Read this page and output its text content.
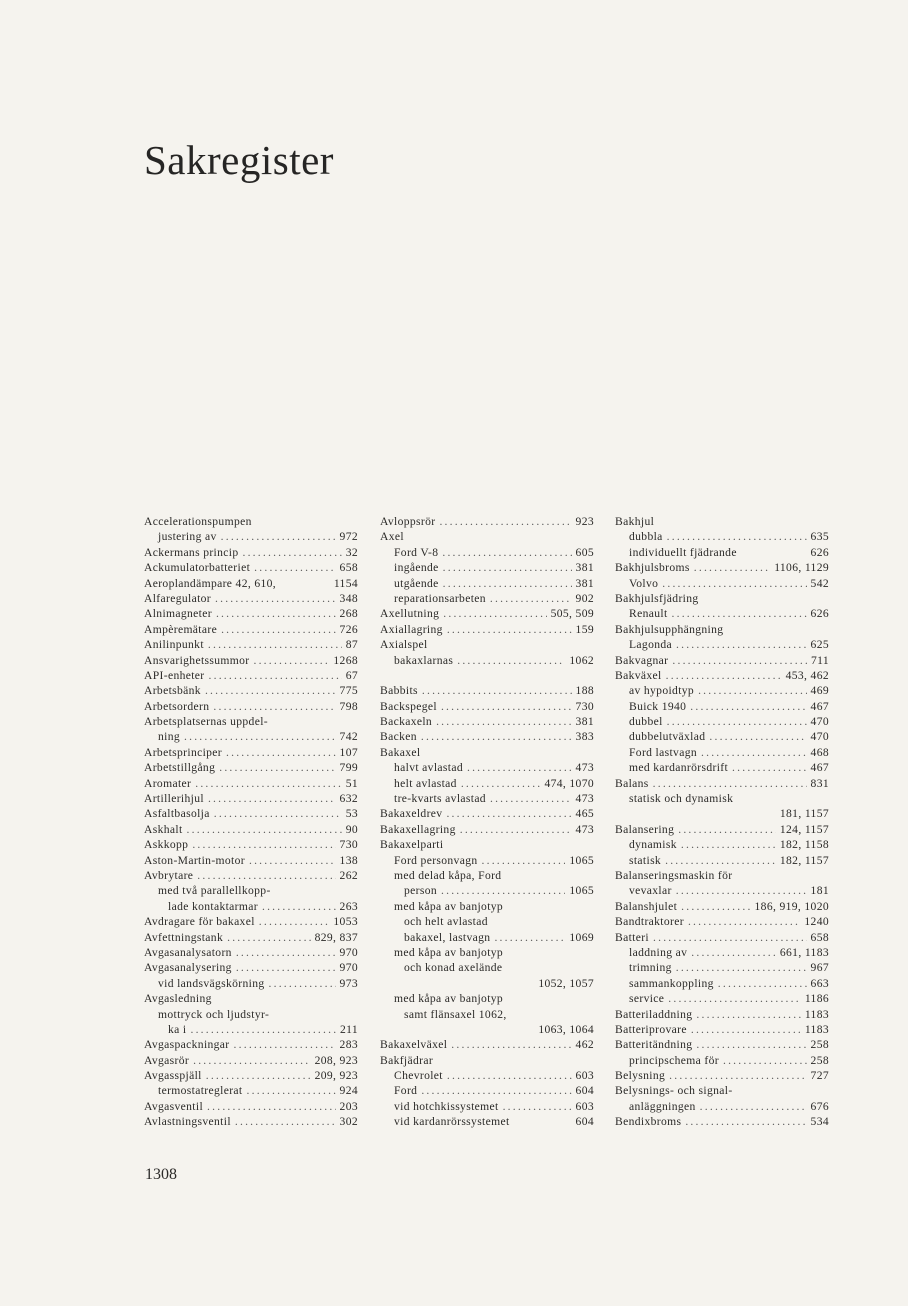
Sakregister
Accelerationspumpen
justering av .....	972
Ackermans princip .....	32
Ackumulatorbatteriet .....	658
Aeroplandämpare 42, 610,	1154
Alfaregulator .....	348
Alnimagneter .....	268
Ampèremätare .....	726
Anilinpunkt .....	87
Ansvarighetssummor .....	1268
API-enheter .....	67
Arbetsbänk .....	775
Arbetsordern .....	798
Arbetsplatsernas uppdel-
ning .....	742
Arbetsprinciper .....	107
Arbetstillgång .....	799
Aromater .....	51
Artillerihjul .....	632
Asfaltbasolja .....	53
Askhalt .....	90
Askkopp .....	730
Aston-Martin-motor .....	138
Avbrytare .....	262
med två parallellkopp-
lade kontaktarmar .....	263
Avdragare för bakaxel .....	1053
Avfettningstank .....	829, 837
Avgasanalysatorn .....	970
Avgasanalysering .....	970
vid landsvägskörning .....	973
Avgasledning
mottryck och ljudstyr-
ka i .....	211
Avgaspackningar .....	283
Avgasrör .....	208, 923
Avgasspjäll .....	209, 923
termostatreglerat .....	924
Avgasventil .....	203
Avlastningsventil .....	302
Avloppsrör .....	923
Axel
Ford V-8 .....	605
ingående .....	381
utgående .....	381
reparationsarbeten .....	902
Axellutning .....	505, 509
Axiallagring .....	159
Axialspel
bakaxlarnas .....	1062
Babbits .....	188
Backspegel .....	730
Backaxeln .....	381
Backen .....	383
Bakaxel
halvt avlastad .....	473
helt avlastad .....	474, 1070
tre-kvarts avlastad .....	473
Bakaxeldrev .....	465
Bakaxellagring .....	473
Bakaxelparti
Ford personvagn .....	1065
med delad kåpa, Ford
person .....	1065
med kåpa av banjotyp
och helt avlastad
bakaxel, lastvagn .....	1069
med kåpa av banjotyp
och konad axelände
1052, 1057
med kåpa av banjotyp
samt flänsaxel 1062,
1063, 1064
Bakaxelväxel .....	462
Bakfjädrar
Chevrolet .....	603
Ford .....	604
vid hotchkissystemet .....	603
vid kardanrörssystemet	604
Bakhjul
dubbla .....	635
individuellt fjädrande	626
Bakhjulsbroms .....	1106, 1129
Volvo .....	542
Bakhjulsfjädring
Renault .....	626
Bakhjulsupphängning
Lagonda .....	625
Bakvagnar .....	711
Bakväxel .....	453, 462
av hypoidtyp .....	469
Buick 1940 .....	467
dubbel .....	470
dubbelutväxlad .....	470
Ford lastvagn .....	468
med kardanrörsdrift .....	467
Balans .....	831
statisk och dynamisk
181, 1157
Balansering .....	124, 1157
dynamisk .....	182, 1158
statisk .....	182, 1157
Balanseringsmaskin för
vevaxlar .....	181
Balanshjulet .....	186, 919, 1020
Bandtraktorer .....	1240
Batteri .....	658
laddning av .....	661, 1183
trimning .....	967
sammankoppling .....	663
service .....	1186
Batteriladdning .....	1183
Batteriprovare .....	1183
Batteritändning .....	258
principschema för .....	258
Belysning .....	727
Belysnings- och signal-
anläggningen .....	676
Bendixbroms .....	534
1308
